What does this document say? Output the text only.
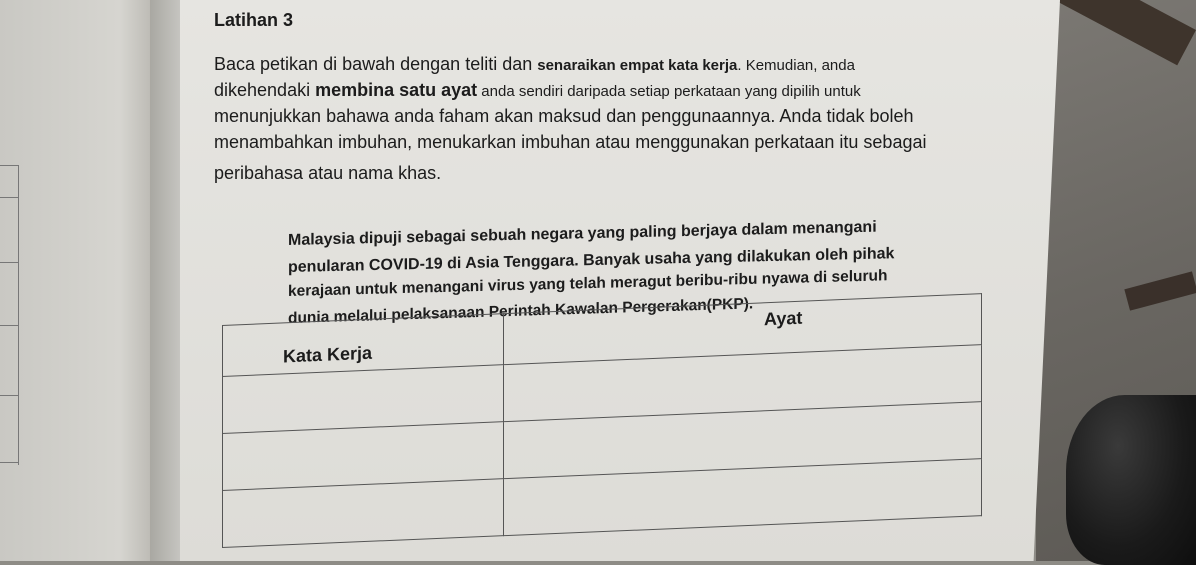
Latihan 3
Baca petikan di bawah dengan teliti dan senaraikan empat kata kerja. Kemudian, anda
dikehendaki membina satu ayat anda sendiri daripada setiap perkataan yang dipilih untuk
menunjukkan bahawa anda faham akan maksud dan penggunaannya. Anda tidak boleh
menambahkan imbuhan, menukarkan imbuhan atau menggunakan perkataan itu sebagai
peribahasa atau nama khas.
Malaysia dipuji sebagai sebuah negara yang paling berjaya dalam menangani
penularan COVID-19 di Asia Tenggara. Banyak usaha yang dilakukan oleh pihak
kerajaan untuk menangani virus yang telah meragut beribu-ribu nyawa di seluruh
dunia melalui pelaksanaan Perintah Kawalan Pergerakan(PKP).
Kata Kerja	Ayat
